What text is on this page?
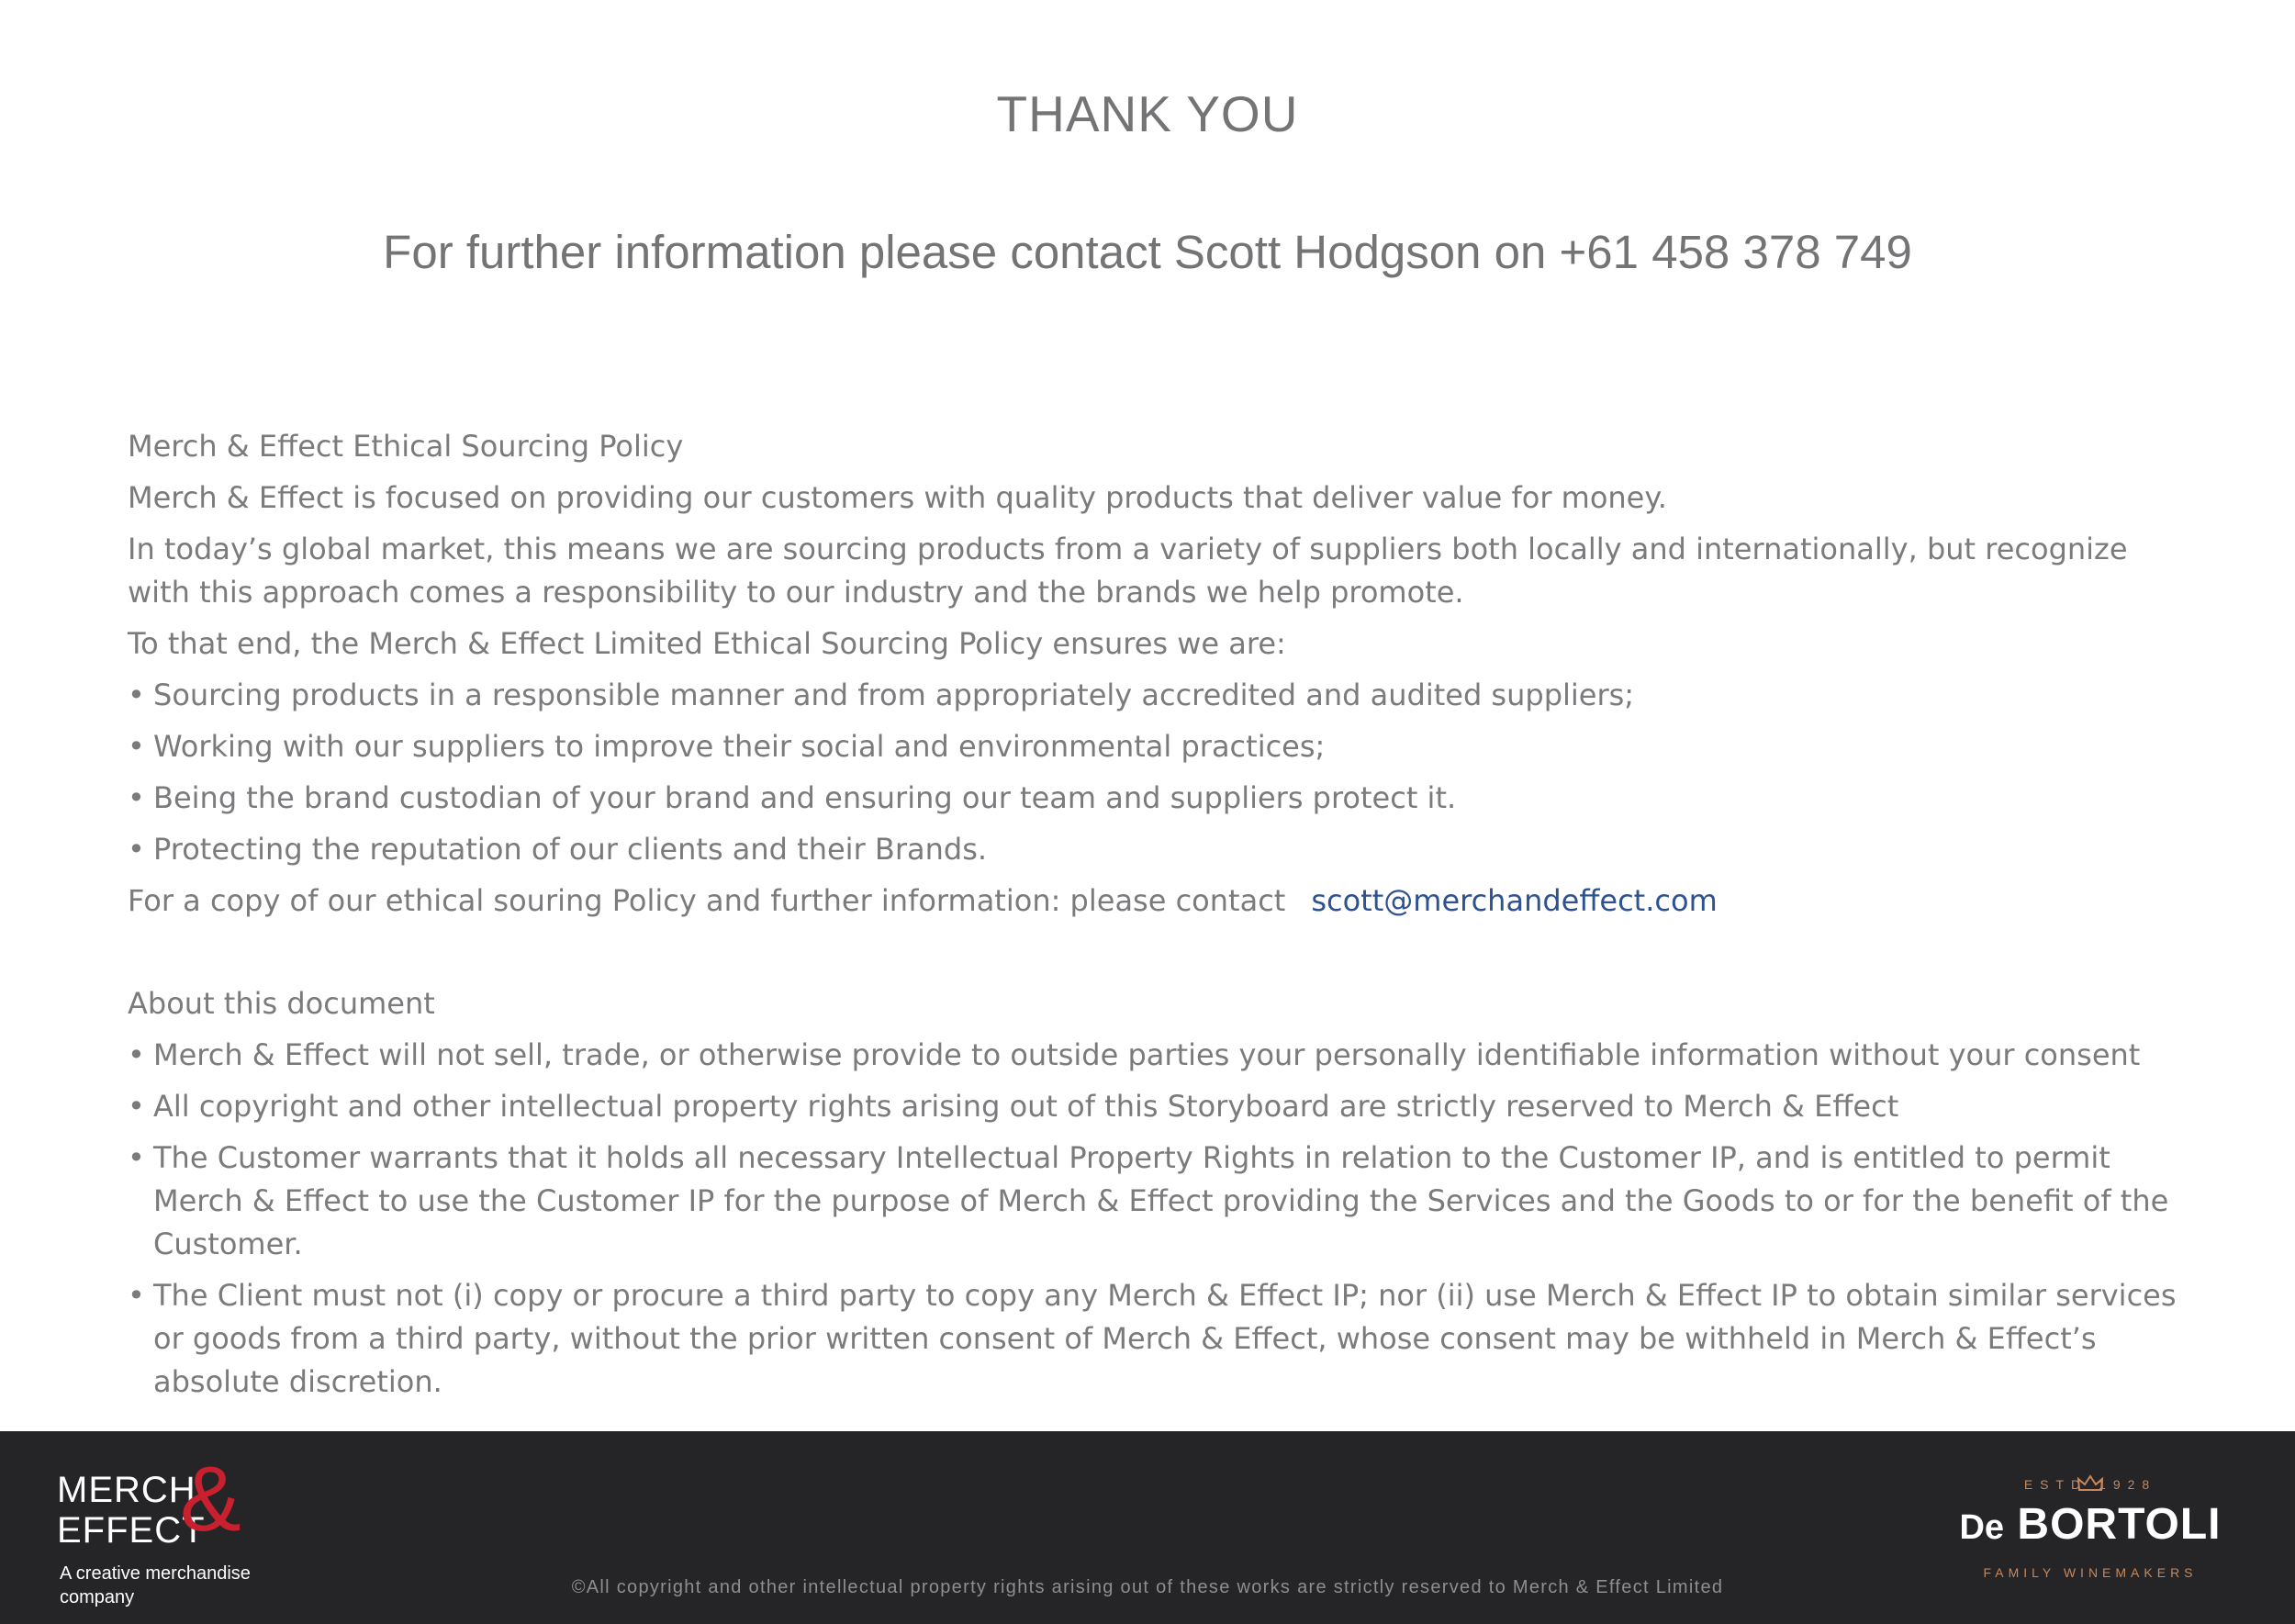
THANK YOU
For further information please contact Scott Hodgson on +61 458 378 749

Merch & Effect Ethical Sourcing Policy

Merch & Effect is focused on providing our customers with quality products that deliver value for money.

In today’s global market, this means we are sourcing products from a variety of suppliers both locally and internationally, but recognize with this approach comes a responsibility to our industry and the brands we help promote.

To that end, the Merch & Effect Limited Ethical Sourcing Policy ensures we are:

• Sourcing products in a responsible manner and from appropriately accredited and audited suppliers;
• Working with our suppliers to improve their social and environmental practices;
• Being the brand custodian of your brand and ensuring our team and suppliers protect it.
• Protecting the reputation of our clients and their Brands.

For a copy of our ethical souring Policy and further information: please contact scott@merchandeffect.com

About this document

• Merch & Effect will not sell, trade, or otherwise provide to outside parties your personally identifiable information without your consent
• All copyright and other intellectual property rights arising out of this Storyboard are strictly reserved to Merch & Effect
• The Customer warrants that it holds all necessary Intellectual Property Rights in relation to the Customer IP, and is entitled to permit Merch & Effect to use the Customer IP for the purpose of Merch & Effect providing the Services and the Goods to or for the benefit of the Customer.
• The Client must not (i) copy or procure a third party to copy any Merch & Effect IP; nor (ii) use Merch & Effect IP to obtain similar services or goods from a third party, without the prior written consent of Merch & Effect, whose consent may be withheld in Merch & Effect’s absolute discretion.
MERCH
EFFECT
&
A creative merchandise company	©All copyright and other intellectual property rights arising out of these works are strictly reserved to Merch & Effect Limited
ESTD 1928
De BORTOLI
FAMILY WINEMAKERS
